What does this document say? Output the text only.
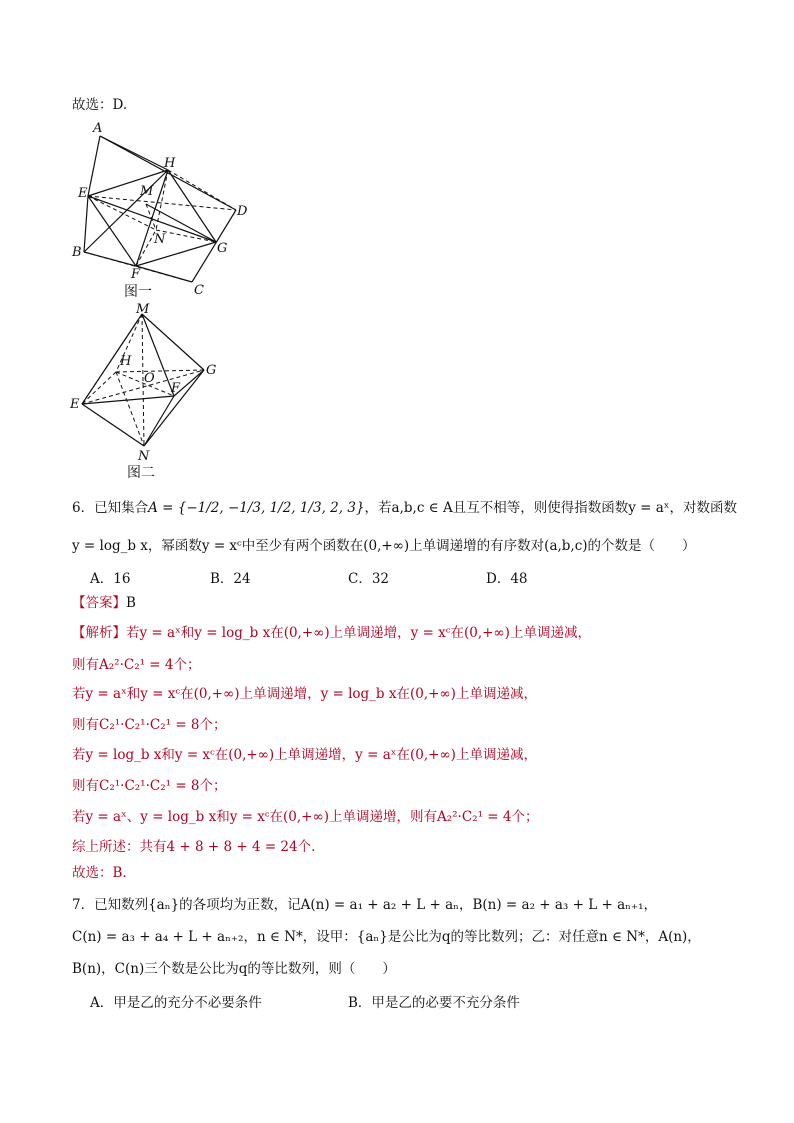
故选：D.
A
H
E	M
D
N
G
B
F
C
图一
M
H
O
G
F
E
N
图二
6．已知集合A = {−1/2, −1/3, 1/2, 1/3, 2, 3}，若a,b,c ∈ A且互不相等，则使得指数函数y = aˣ，对数函数
y = log_b x，幂函数y = xᶜ中至少有两个函数在(0,+∞)上单调递增的有序数对(a,b,c)的个数是（　　）
A．16	B．24	C．32	D．48
【答案】B
【解析】若y = aˣ和y = log_b x在(0,+∞)上单调递增，y = xᶜ在(0,+∞)上单调递减，
则有A₂²·C₂¹ = 4个；
若y = aˣ和y = xᶜ在(0,+∞)上单调递增，y = log_b x在(0,+∞)上单调递减，
则有C₂¹·C₂¹·C₂¹ = 8个；
若y = log_b x和y = xᶜ在(0,+∞)上单调递增，y = aˣ在(0,+∞)上单调递减，
则有C₂¹·C₂¹·C₂¹ = 8个；
若y = aˣ、y = log_b x和y = xᶜ在(0,+∞)上单调递增，则有A₂²·C₂¹ = 4个；
综上所述：共有4 + 8 + 8 + 4 = 24个.
故选：B.
7．已知数列{aₙ}的各项均为正数，记A(n) = a₁ + a₂ + L + aₙ，B(n) = a₂ + a₃ + L + aₙ₊₁，
C(n) = a₃ + a₄ + L + aₙ₊₂，n ∈ N*，设甲：{aₙ}是公比为q的等比数列；乙：对任意n ∈ N*，A(n)，
B(n)，C(n)三个数是公比为q的等比数列，则（　　）
A．甲是乙的充分不必要条件	B．甲是乙的必要不充分条件
